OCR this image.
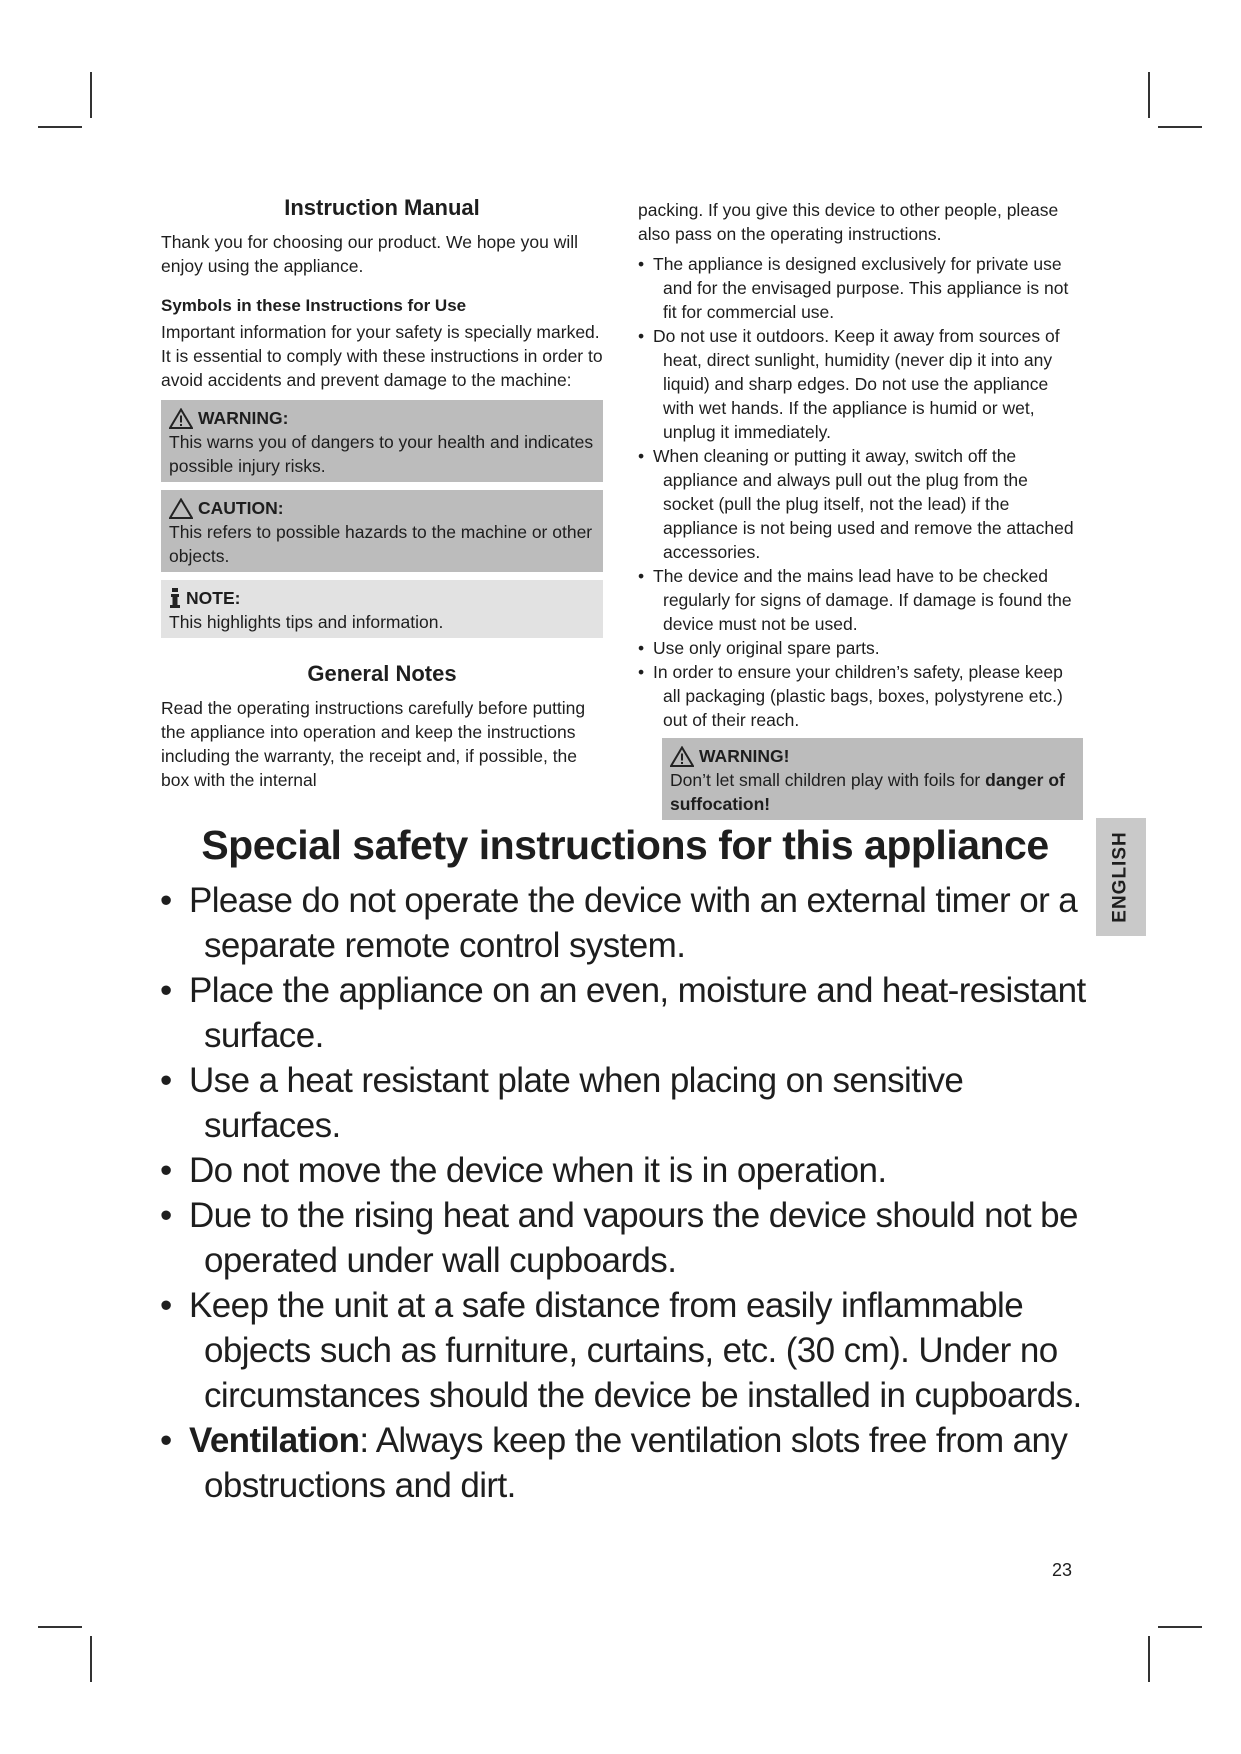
Instruction Manual

Thank you for choosing our product. We hope you will enjoy using the appliance.

Symbols in these Instructions for Use

Important information for your safety is specially marked.

It is essential to comply with these instructions in order to avoid accidents and prevent damage to the machine:

WARNING:

This warns you of dangers to your health and indicates possible injury risks.

CAUTION:

This refers to possible hazards to the machine or other objects.

NOTE:

This highlights tips and information.

General Notes

Read the operating instructions carefully before putting the appliance into operation and keep the instructions including the warranty, the receipt and, if possible, the box with the internal

packing. If you give this device to other people, please also pass on the operating instructions.

• The appliance is designed exclusively for private use and for the envisaged purpose. This appliance is not fit for commercial use.
• Do not use it outdoors. Keep it away from sources of heat, direct sunlight, humidity (never dip it into any liquid) and sharp edges. Do not use the appliance with wet hands. If the appliance is humid or wet, unplug it immediately.
• When cleaning or putting it away, switch off the appliance and always pull out the plug from the socket (pull the plug itself, not the lead) if the appliance is not being used and remove the attached accessories.
• The device and the mains lead have to be checked regularly for signs of damage. If damage is found the device must not be used.
• Use only original spare parts.
• In order to ensure your children’s safety, please keep all packaging (plastic bags, boxes, polystyrene etc.) out of their reach.
WARNING!

Don’t let small children play with foils for danger of suffocation!

ENGLISH
Special safety instructions for this appliance
• Please do not operate the device with an external timer or a separate remote control system.
• Place the appliance on an even, moisture and heat-resistant surface.
• Use a heat resistant plate when placing on sensitive surfaces.
• Do not move the device when it is in operation.
• Due to the rising heat and vapours the device should not be operated under wall cupboards.
• Keep the unit at a safe distance from easily inflammable objects such as furniture, curtains, etc. (30 cm). Under no circumstances should the device be installed in cupboards.
• Ventilation: Always keep the ventilation slots free from any obstructions and dirt.
23
